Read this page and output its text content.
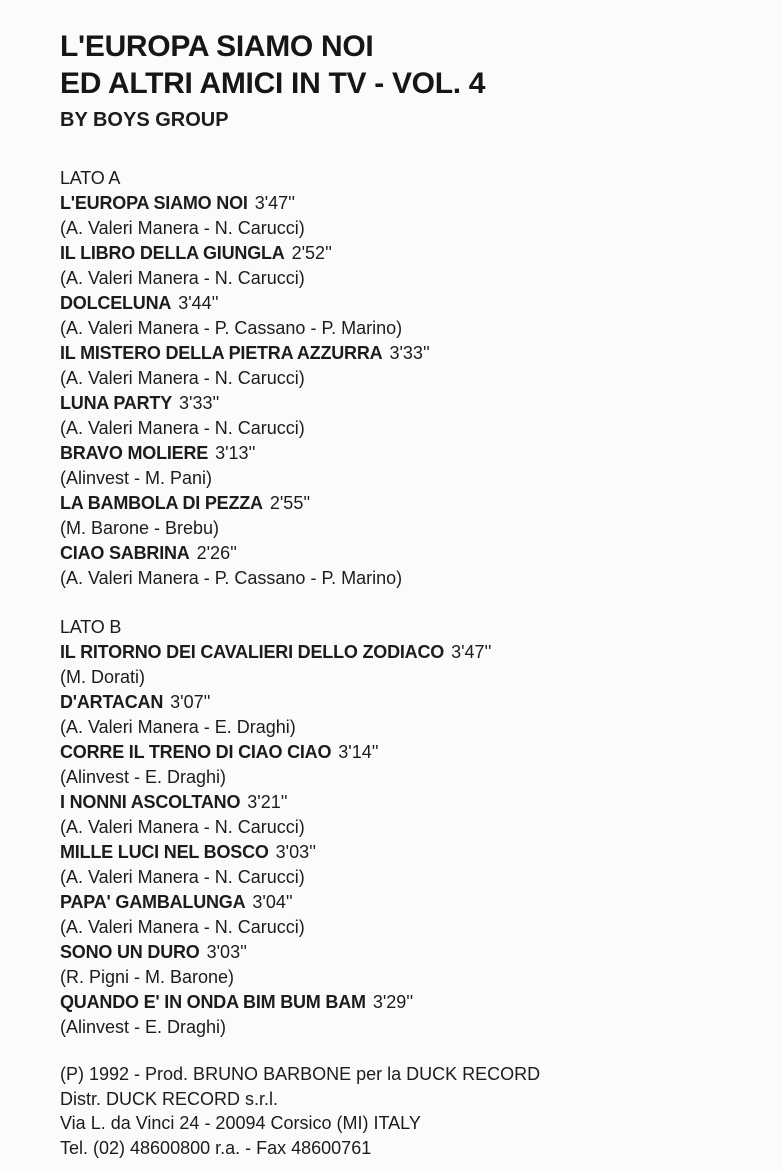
L'EUROPA SIAMO NOI
ED ALTRI AMICI IN TV - VOL. 4
BY BOYS GROUP
LATO A
L'EUROPA SIAMO NOI 3'47''
(A. Valeri Manera - N. Carucci)
IL LIBRO DELLA GIUNGLA 2'52''
(A. Valeri Manera - N. Carucci)
DOLCELUNA 3'44''
(A. Valeri Manera - P. Cassano - P. Marino)
IL MISTERO DELLA PIETRA AZZURRA 3'33''
(A. Valeri Manera - N. Carucci)
LUNA PARTY 3'33''
(A. Valeri Manera - N. Carucci)
BRAVO MOLIERE 3'13''
(Alinvest - M. Pani)
LA BAMBOLA DI PEZZA 2'55''
(M. Barone - Brebu)
CIAO SABRINA 2'26''
(A. Valeri Manera - P. Cassano - P. Marino)
LATO B
IL RITORNO DEI CAVALIERI DELLO ZODIACO 3'47''
(M. Dorati)
D'ARTACAN 3'07''
(A. Valeri Manera - E. Draghi)
CORRE IL TRENO DI CIAO CIAO 3'14''
(Alinvest - E. Draghi)
I NONNI ASCOLTANO 3'21''
(A. Valeri Manera - N. Carucci)
MILLE LUCI NEL BOSCO 3'03''
(A. Valeri Manera - N. Carucci)
PAPA' GAMBALUNGA 3'04''
(A. Valeri Manera - N. Carucci)
SONO UN DURO 3'03''
(R. Pigni - M. Barone)
QUANDO E' IN ONDA BIM BUM BAM 3'29''
(Alinvest - E. Draghi)
(P) 1992 - Prod. BRUNO BARBONE per la DUCK RECORD
Distr. DUCK RECORD s.r.l.
Via L. da Vinci 24 - 20094 Corsico (MI) ITALY
Tel. (02) 48600800 r.a. - Fax 48600761
